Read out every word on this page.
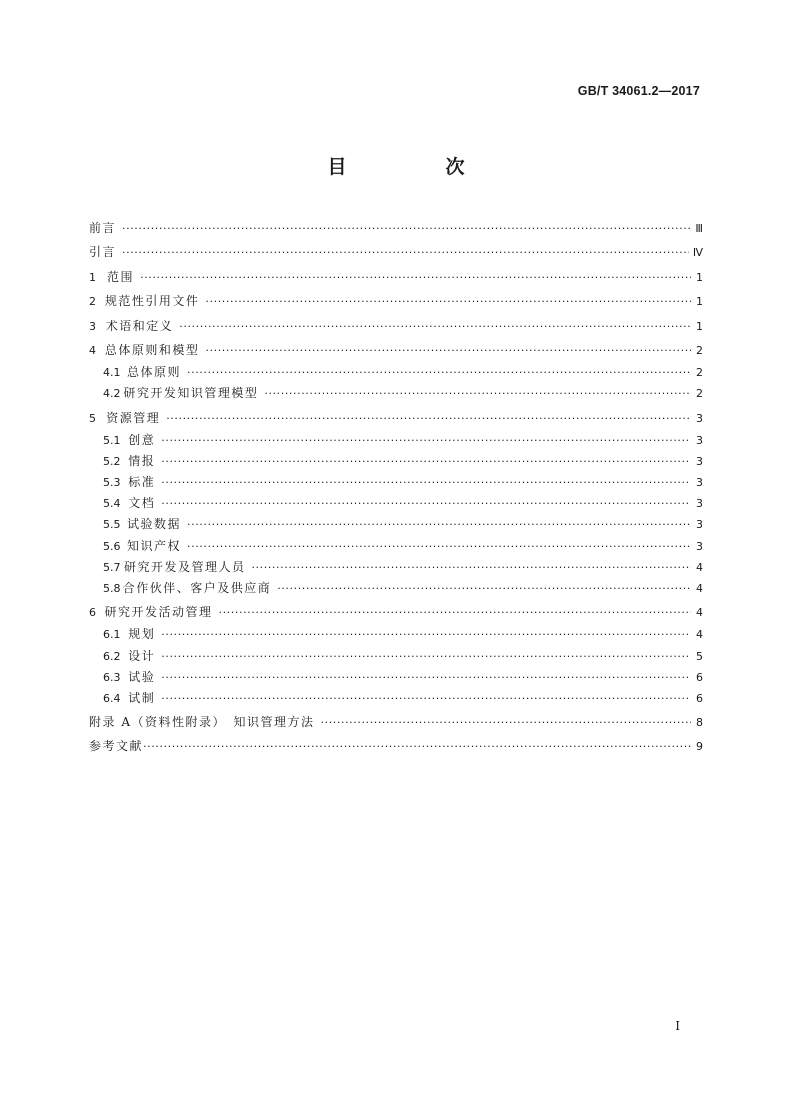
GB/T 34061.2—2017
目　次
前言 ·····	Ⅲ
引言 ·····	Ⅳ
1 范围 ·····	1
2 规范性引用文件 ·····	1
3 术语和定义 ·····	1
4 总体原则和模型 ·····	2
4.1 总体原则 ·····	2
4.2 研究开发知识管理模型 ·····	2
5 资源管理 ·····	3
5.1 创意 ·····	3
5.2 情报 ·····	3
5.3 标准 ·····	3
5.4 文档 ·····	3
5.5 试验数据 ·····	3
5.6 知识产权 ·····	3
5.7 研究开发及管理人员 ·····	4
5.8 合作伙伴、客户及供应商 ·····	4
6 研究开发活动管理 ·····	4
6.1 规划 ·····	4
6.2 设计 ·····	5
6.3 试验 ·····	6
6.4 试制 ·····	6
附录 A（资料性附录）　知识管理方法 ·····	8
参考文献 ·····	9
I
